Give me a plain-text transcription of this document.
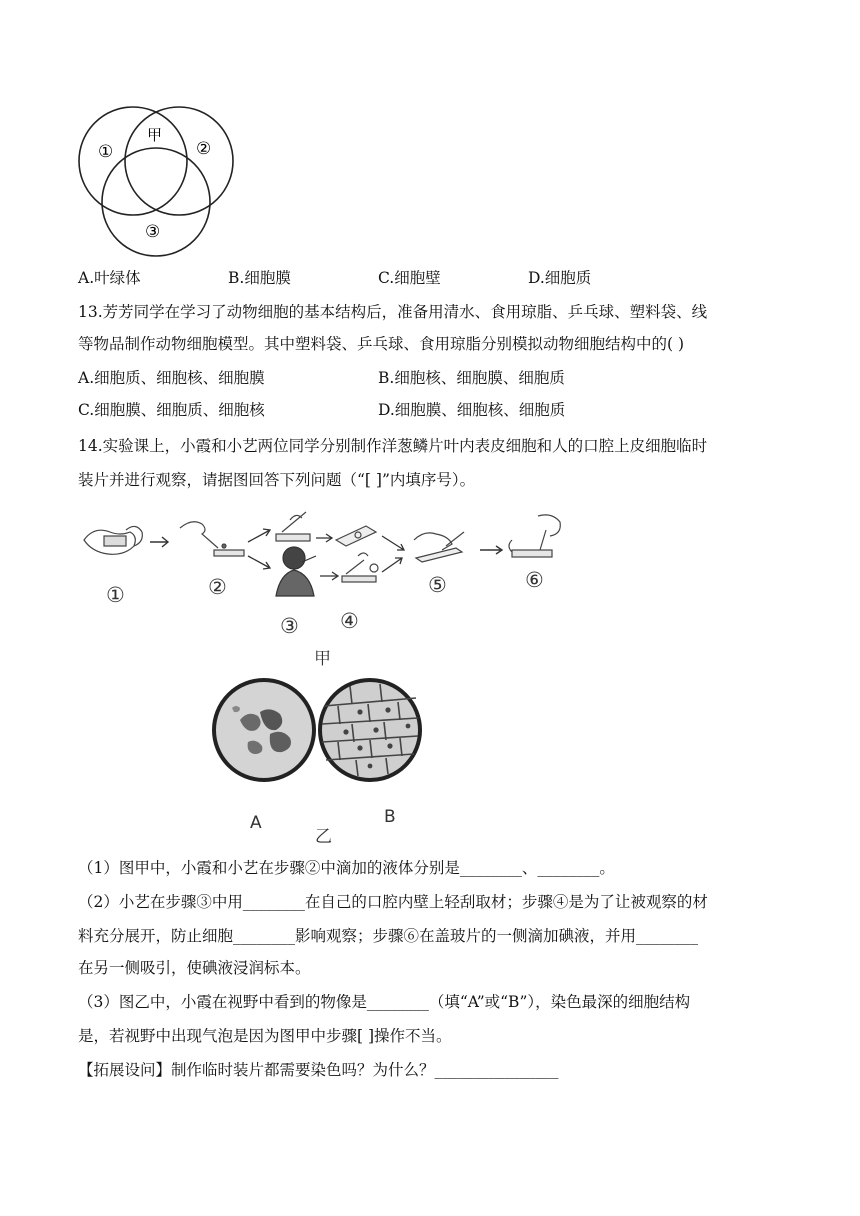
①
甲
②
③
A.叶绿体	B.细胞膜	C.细胞壁	D.细胞质
13.芳芳同学在学习了动物细胞的基本结构后，准备用清水、食用琼脂、乒乓球、塑料袋、线
等物品制作动物细胞模型。其中塑料袋、乒乓球、食用琼脂分别模拟动物细胞结构中的( )
A.细胞质、细胞核、细胞膜	B.细胞核、细胞膜、细胞质
C.细胞膜、细胞质、细胞核	D.细胞膜、细胞核、细胞质
14.实验课上，小霞和小艺两位同学分别制作洋葱鳞片叶内表皮细胞和人的口腔上皮细胞临时
装片并进行观察，请据图回答下列问题（“[ ]”内填序号）。
①	②
③ ④
⑤	⑥
甲
A	B
乙
（1）图甲中，小霞和小艺在步骤②中滴加的液体分别是________、________。
（2）小艺在步骤③中用________在自己的口腔内壁上轻刮取材；步骤④是为了让被观察的材
料充分展开，防止细胞________影响观察；步骤⑥在盖玻片的一侧滴加碘液，并用________
在另一侧吸引，使碘液浸润标本。
（3）图乙中，小霞在视野中看到的物像是________（填“A”或“B”），染色最深的细胞结构
是，若视野中出现气泡是因为图甲中步骤[ ]操作不当。
【拓展设问】制作临时装片都需要染色吗？为什么？________________
